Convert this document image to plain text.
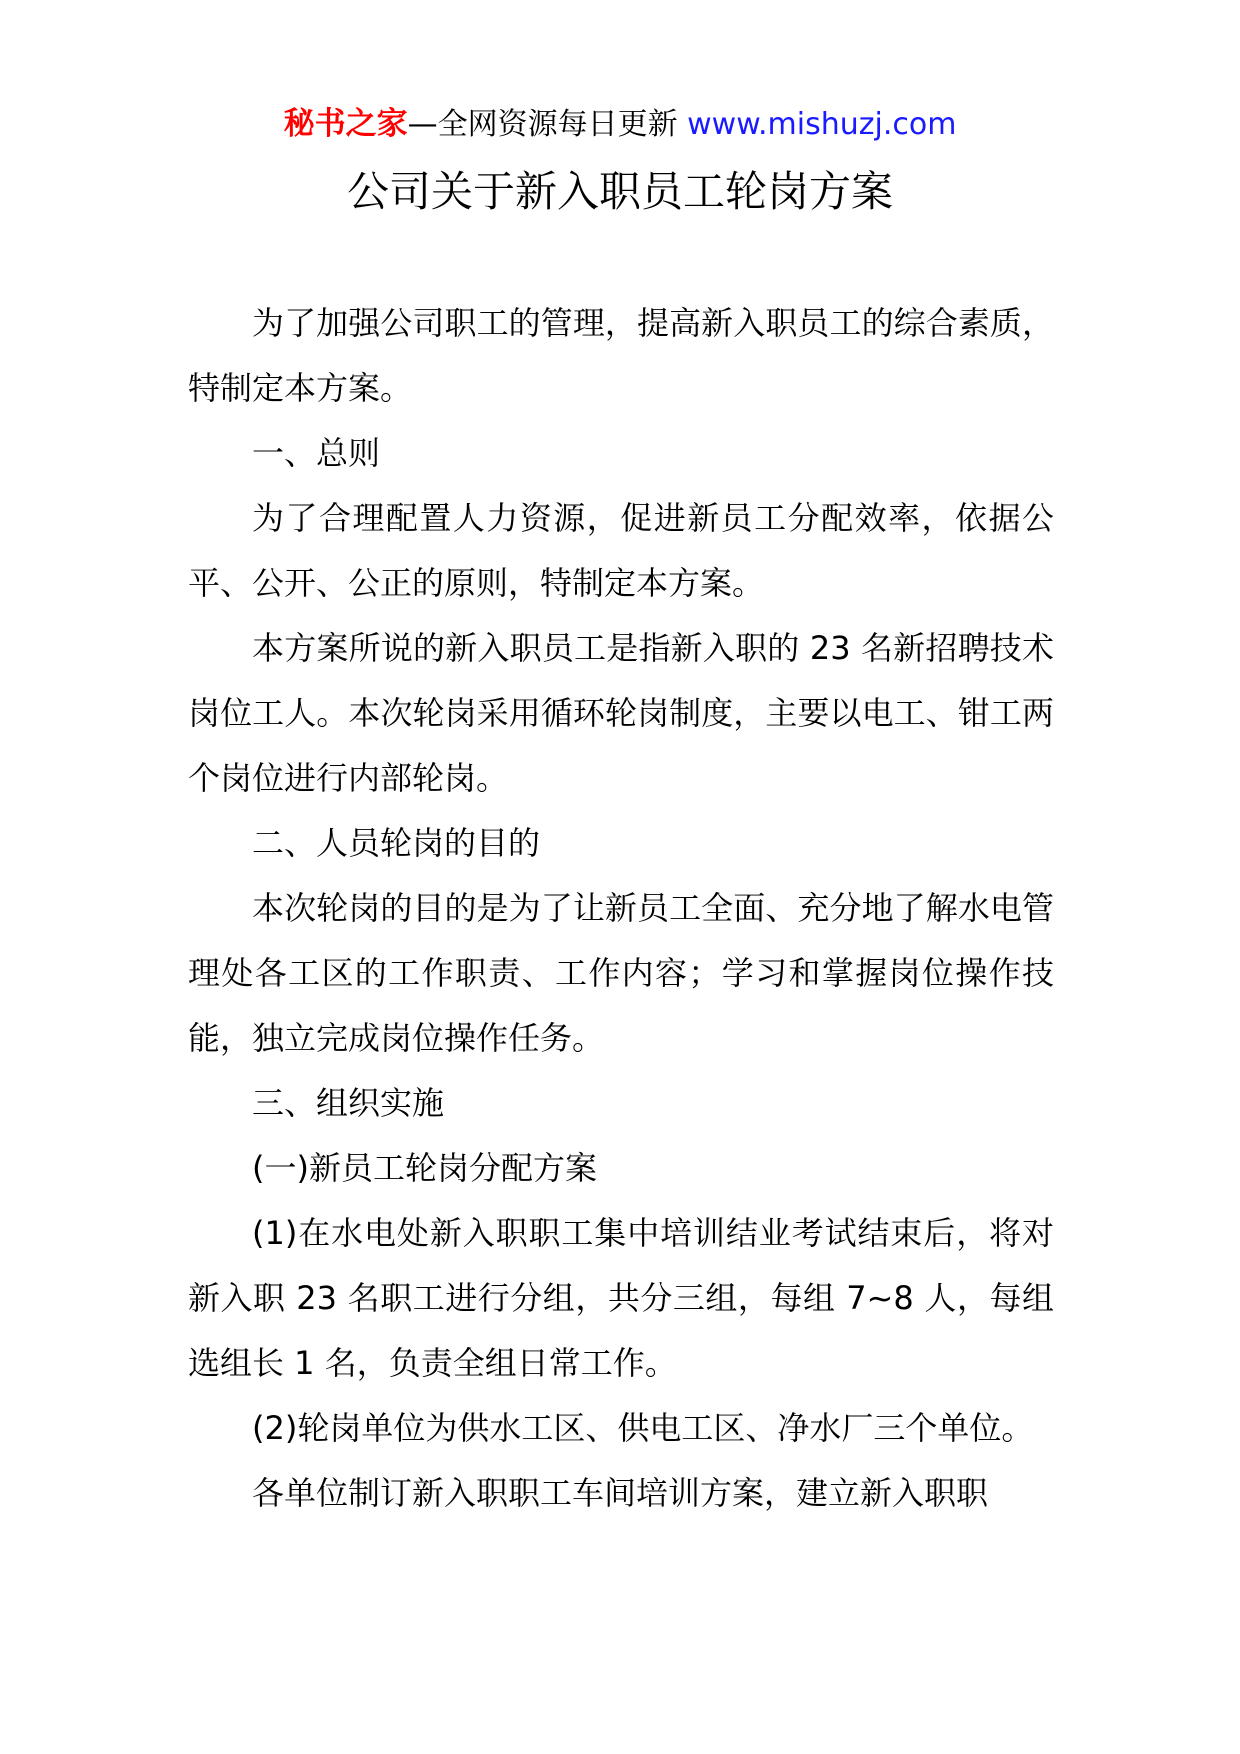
秘书之家—全网资源每日更新 www.mishuzj.com
公司关于新入职员工轮岗方案

为了加强公司职工的管理，提高新入职员工的综合素质，特制定本方案。

一、总则

为了合理配置人力资源，促进新员工分配效率，依据公平、公开、公正的原则，特制定本方案。

本方案所说的新入职员工是指新入职的 23 名新招聘技术岗位工人。本次轮岗采用循环轮岗制度，主要以电工、钳工两个岗位进行内部轮岗。

二、人员轮岗的目的

本次轮岗的目的是为了让新员工全面、充分地了解水电管理处各工区的工作职责、工作内容；学习和掌握岗位操作技能，独立完成岗位操作任务。

三、组织实施

(一)新员工轮岗分配方案

(1)在水电处新入职职工集中培训结业考试结束后，将对新入职 23 名职工进行分组，共分三组，每组 7~8 人，每组选组长 1 名，负责全组日常工作。

(2)轮岗单位为供水工区、供电工区、净水厂三个单位。

各单位制订新入职职工车间培训方案，建立新入职职
